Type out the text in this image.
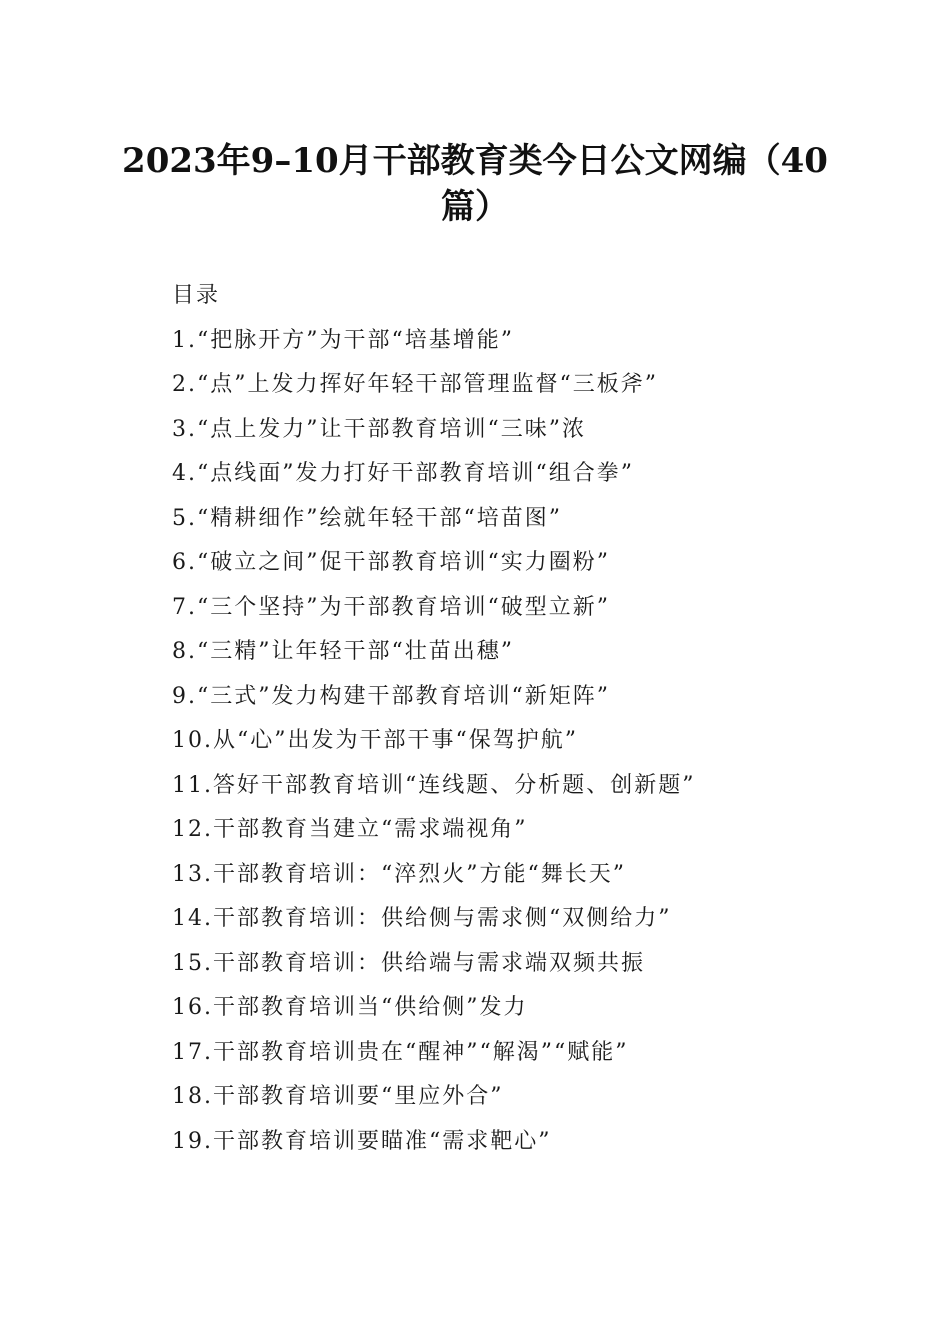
2023年9–10月干部教育类今日公文网编（40篇）
目录
1.“把脉开方”为干部“培基增能”
2.“点”上发力挥好年轻干部管理监督“三板斧”
3.“点上发力”让干部教育培训“三味”浓
4.“点线面”发力打好干部教育培训“组合拳”
5.“精耕细作”绘就年轻干部“培苗图”
6.“破立之间”促干部教育培训“实力圈粉”
7.“三个坚持”为干部教育培训“破型立新”
8.“三精”让年轻干部“壮苗出穗”
9.“三式”发力构建干部教育培训“新矩阵”
10.从“心”出发为干部干事“保驾护航”
11.答好干部教育培训“连线题、分析题、创新题”
12.干部教育当建立“需求端视角”
13.干部教育培训：“淬烈火”方能“舞长天”
14.干部教育培训：供给侧与需求侧“双侧给力”
15.干部教育培训：供给端与需求端双频共振
16.干部教育培训当“供给侧”发力
17.干部教育培训贵在“醒神”“解渴”“赋能”
18.干部教育培训要“里应外合”
19.干部教育培训要瞄准“需求靶心”
